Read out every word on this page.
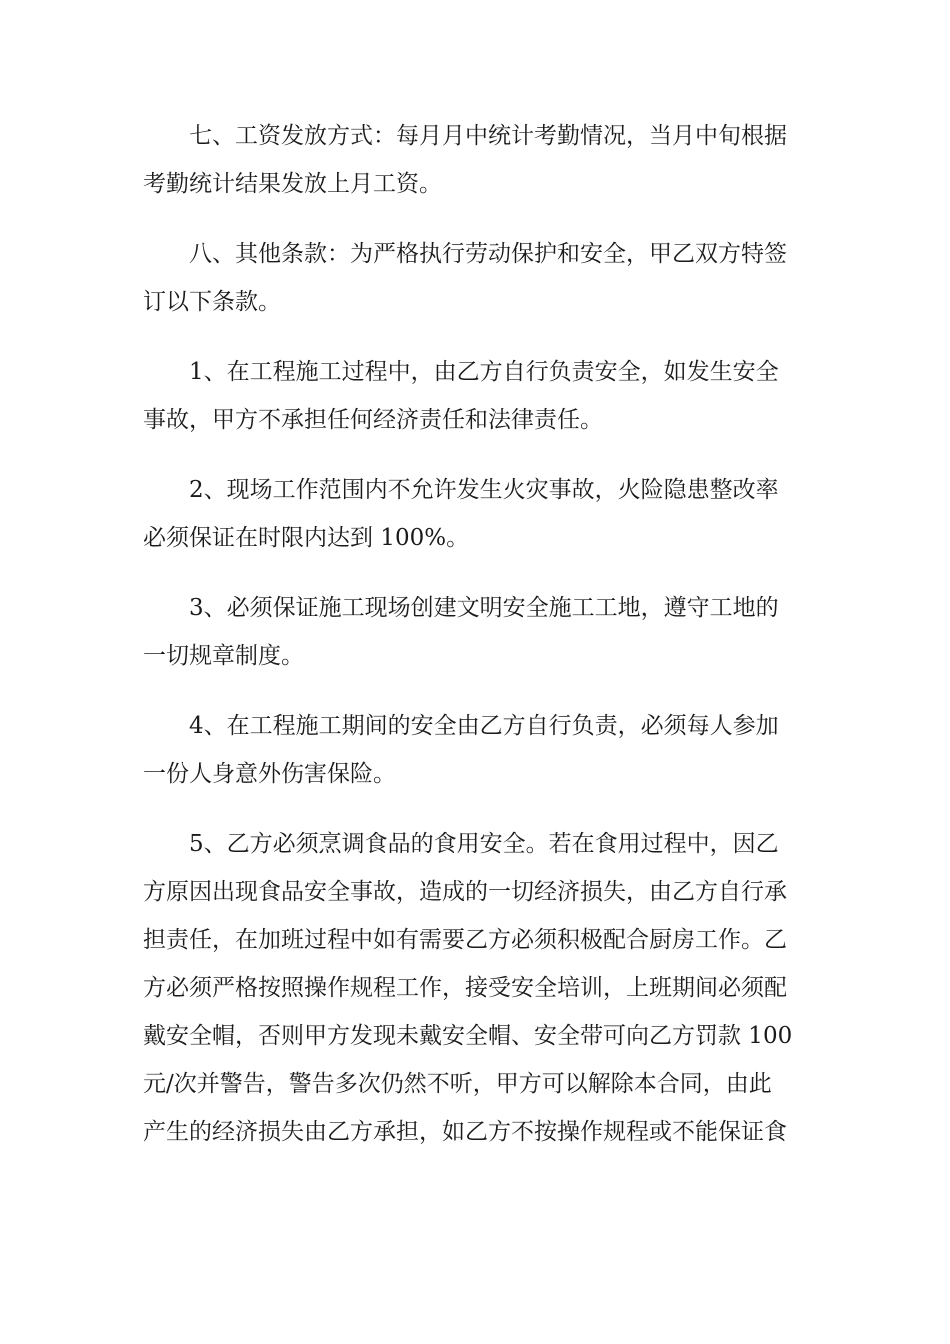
七、工资发放方式：每月月中统计考勤情况，当月中旬根据
考勤统计结果发放上月工资。
八、其他条款：为严格执行劳动保护和安全，甲乙双方特签
订以下条款。
1、在工程施工过程中，由乙方自行负责安全，如发生安全
事故，甲方不承担任何经济责任和法律责任。
2、现场工作范围内不允许发生火灾事故，火险隐患整改率
必须保证在时限内达到 100%。
3、必须保证施工现场创建文明安全施工工地，遵守工地的
一切规章制度。
4、在工程施工期间的安全由乙方自行负责，必须每人参加
一份人身意外伤害保险。
5、乙方必须烹调食品的食用安全。若在食用过程中，因乙
方原因出现食品安全事故，造成的一切经济损失，由乙方自行承
担责任，在加班过程中如有需要乙方必须积极配合厨房工作。乙
方必须严格按照操作规程工作，接受安全培训，上班期间必须配
戴安全帽，否则甲方发现未戴安全帽、安全带可向乙方罚款 100
元/次并警告，警告多次仍然不听，甲方可以解除本合同，由此
产生的经济损失由乙方承担，如乙方不按操作规程或不能保证食
